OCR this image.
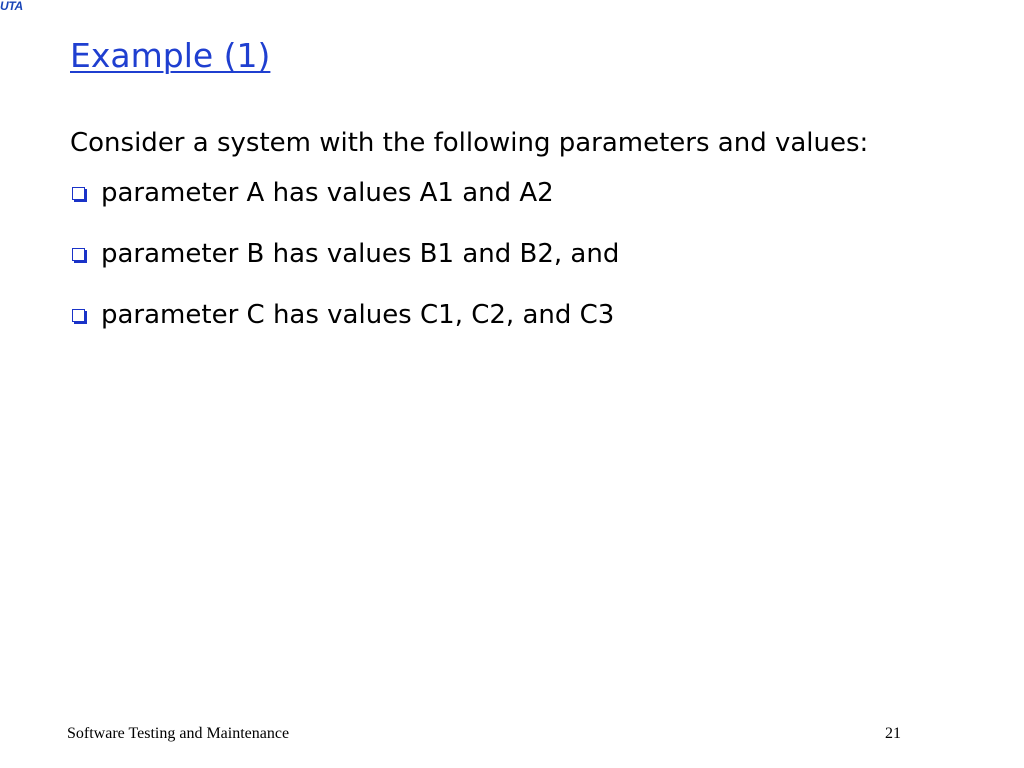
UTA
Example (1)

Consider a system with the following parameters and values:

parameter A has values A1 and A2
parameter B has values B1 and B2, and
parameter C has values C1, C2, and C3
Software Testing and Maintenance	21
